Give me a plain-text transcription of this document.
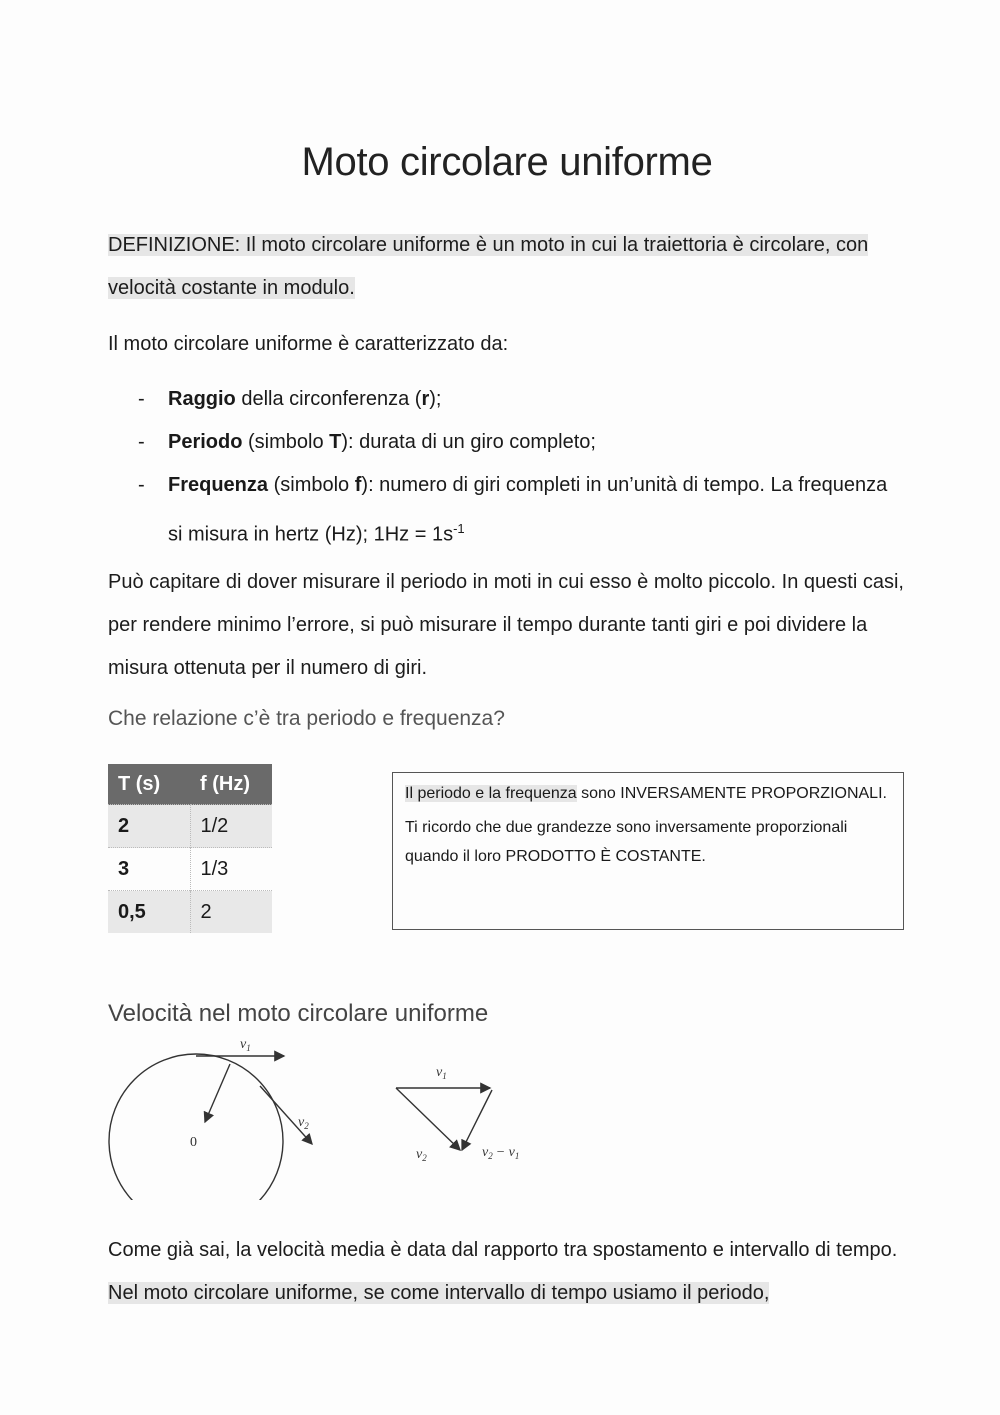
Moto circolare uniforme
DEFINIZIONE: Il moto circolare uniforme è un moto in cui la traiettoria è circolare, con velocità costante in modulo.
Il moto circolare uniforme è caratterizzato da:
- Raggio della circonferenza (r);
- Periodo (simbolo T): durata di un giro completo;
- Frequenza (simbolo f): numero di giri completi in un’unità di tempo. La frequenza si misura in hertz (Hz); $1Hz = 1s^{-1}$
Può capitare di dover misurare il periodo in moti in cui esso è molto piccolo. In questi casi, per rendere minimo l’errore, si può misurare il tempo durante tanti giri e poi dividere la misura ottenuta per il numero di giri.
Che relazione c’è tra periodo e frequenza?
T (s)	f (Hz)
2	1/2
3	1/3
0,5	2

Il periodo e la frequenza sono INVERSAMENTE PROPORZIONALI.

Ti ricordo che due grandezze sono inversamente proporzionali quando il loro PRODOTTO È COSTANTE.

Velocità nel moto circolare uniforme
0
$v_1$
$v_2$
$v_1$
$v_2$	$v_2 - v_1$
Come già sai, la velocità media è data dal rapporto tra spostamento e intervallo di tempo. Nel moto circolare uniforme, se come intervallo di tempo usiamo il periodo,
